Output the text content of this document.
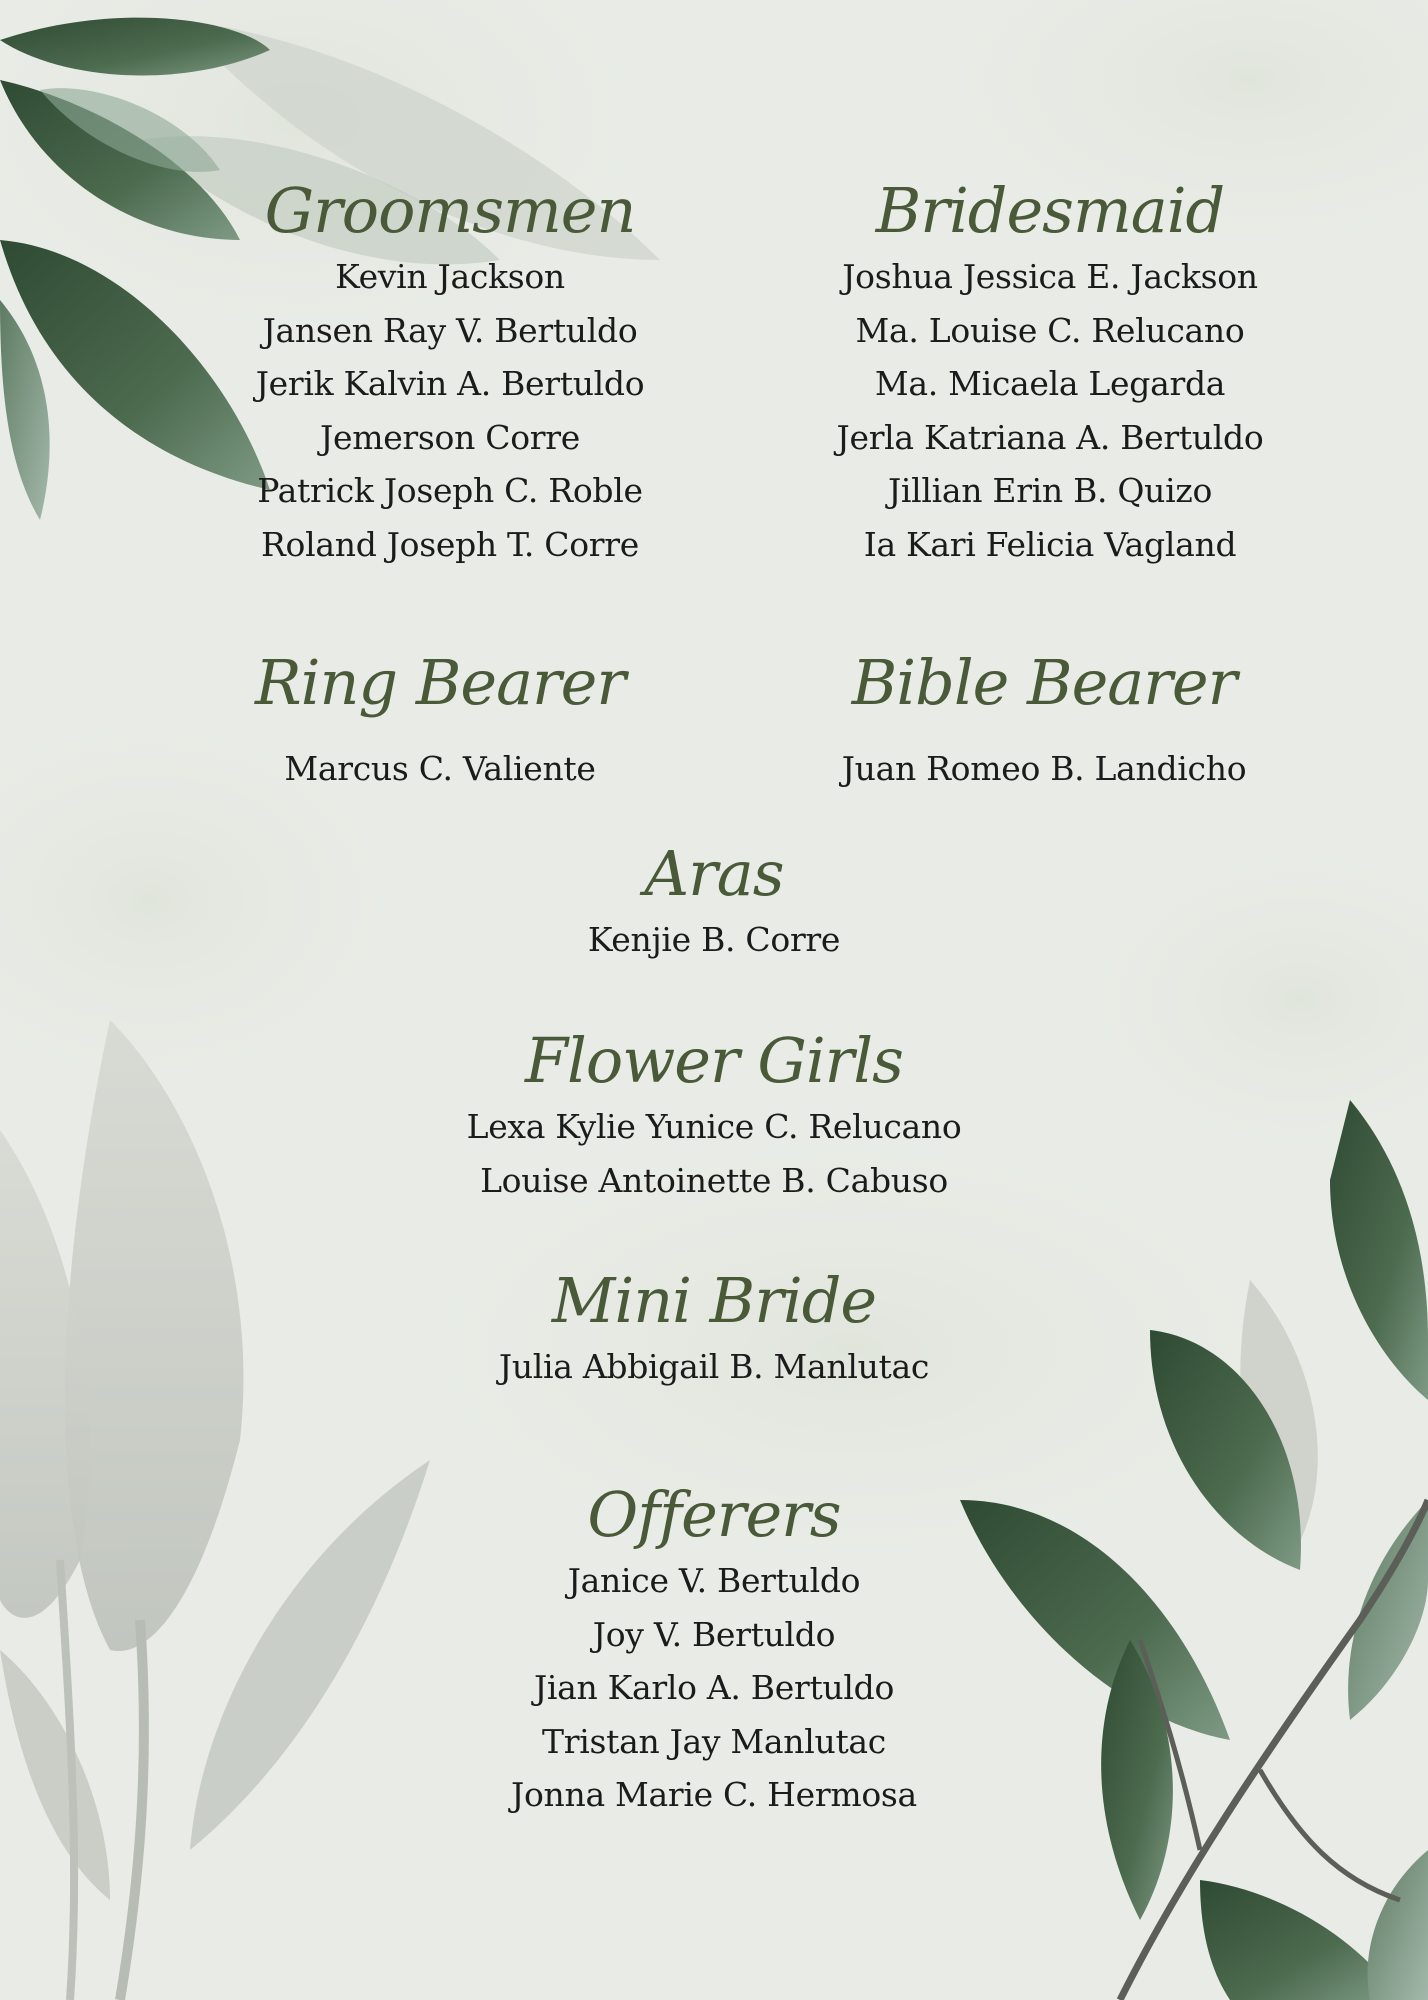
Groomsmen
Kevin Jackson
Jansen Ray V. Bertuldo
Jerik Kalvin A. Bertuldo
Jemerson Corre
Patrick Joseph C. Roble
Roland Joseph T. Corre
Bridesmaid
Joshua Jessica E. Jackson
Ma. Louise C. Relucano
Ma. Micaela Legarda
Jerla Katriana A. Bertuldo
Jillian Erin B. Quizo
Ia Kari Felicia Vagland
Ring Bearer
Marcus C. Valiente
Bible Bearer
Juan Romeo B. Landicho
Aras
Kenjie B. Corre
Flower Girls
Lexa Kylie Yunice C. Relucano
Louise Antoinette B. Cabuso
Mini Bride
Julia Abbigail B. Manlutac
Offerers
Janice V. Bertuldo
Joy V. Bertuldo
Jian Karlo A. Bertuldo
Tristan Jay Manlutac
Jonna Marie C. Hermosa
